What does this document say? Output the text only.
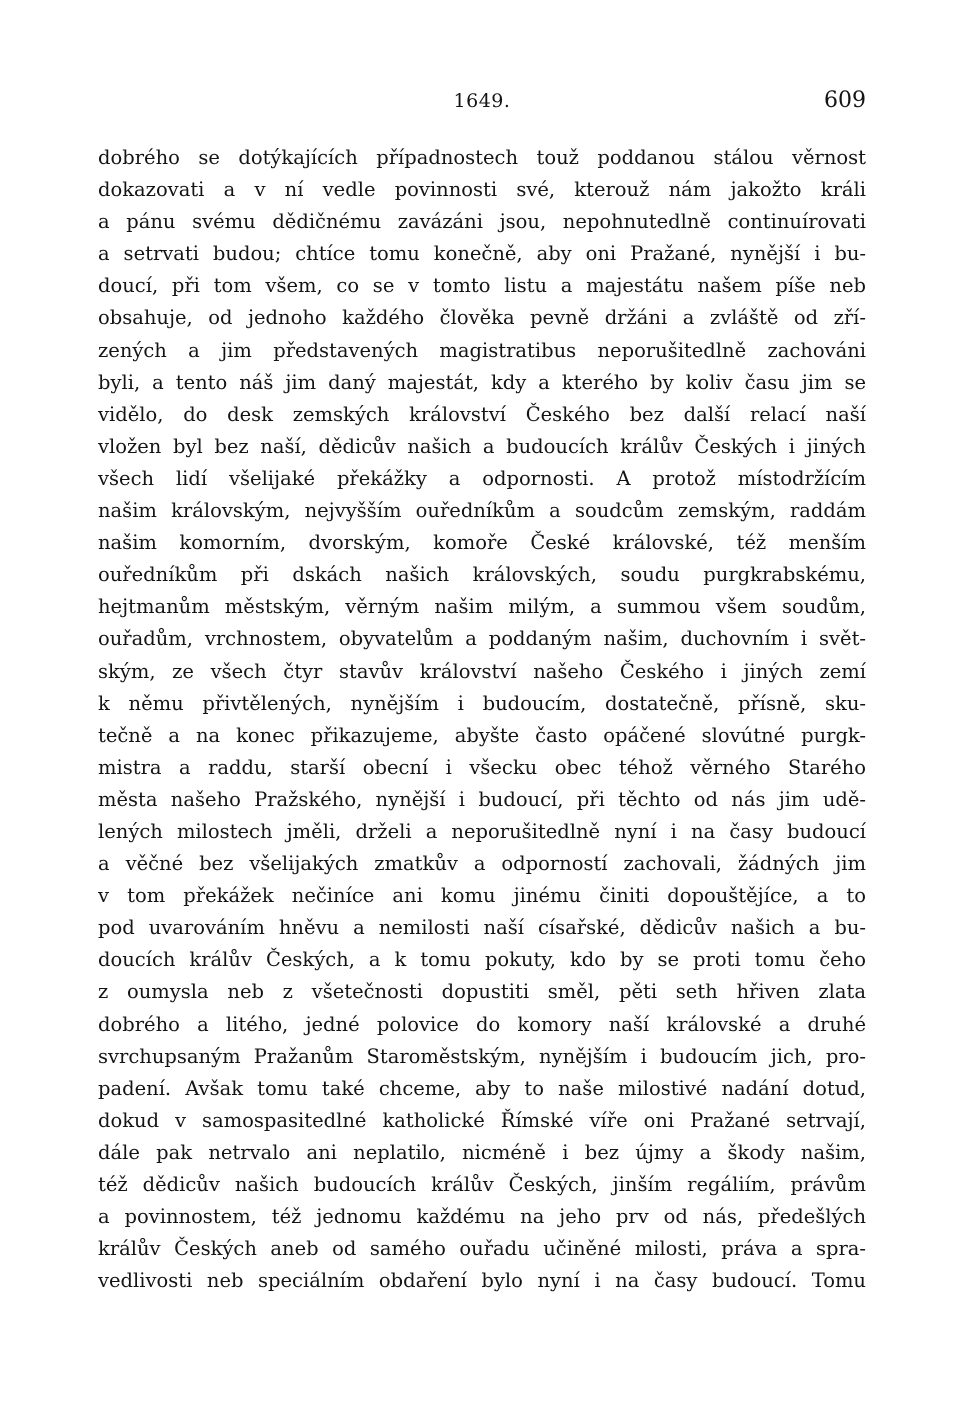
1649.	609
dobrého se dotýkajících případnostech touž poddanou stálou věrnost
dokazovati a v ní vedle povinnosti své, kterouž nám jakožto králi
a pánu svému dědičnému zavázáni jsou, nepohnutedlně continuírovati
a setrvati budou; chtíce tomu konečně, aby oni Pražané, nynější i bu-
doucí, při tom všem, co se v tomto listu a majestátu našem píše neb
obsahuje, od jednoho každého člověka pevně držáni a zvláště od zří-
zených a jim představených magistratibus neporušitedlně zachováni
byli, a tento náš jim daný majestát, kdy a kterého by koliv času jim se
vidělo, do desk zemských království Českého bez další relací naší
vložen byl bez naší, dědicův našich a budoucích králův Českých i jiných
všech lidí všelijaké překážky a odpornosti. A protož místodržícím
našim královským, nejvyšším ouředníkům a soudcům zemským, raddám
našim komorním, dvorským, komoře České královské, též menším
ouředníkům při dskách našich královských, soudu purgkrabskému,
hejtmanům městským, věrným našim milým, a summou všem soudům,
ouřadům, vrchnostem, obyvatelům a poddaným našim, duchovním i svět-
ským, ze všech čtyr stavův království našeho Českého i jiných zemí
k němu přivtělených, nynějším i budoucím, dostatečně, přísně, sku-
tečně a na konec přikazujeme, abyšte často opáčené slovútné purgk-
mistra a raddu, starší obecní i všecku obec téhož věrného Starého
města našeho Pražského, nynější i budoucí, při těchto od nás jim udě-
lených milostech jměli, drželi a neporušitedlně nyní i na časy budoucí
a věčné bez všelijakých zmatkův a odporností zachovali, žádných jim
v tom překážek nečiníce ani komu jinému činiti dopouštějíce, a to
pod uvarováním hněvu a nemilosti naší císařské, dědicův našich a bu-
doucích králův Českých, a k tomu pokuty, kdo by se proti tomu čeho
z oumysla neb z všetečnosti dopustiti směl, pěti seth hřiven zlata
dobrého a litého, jedné polovice do komory naší královské a druhé
svrchupsaným Pražanům Staroměstským, nynějším i budoucím jich, pro-
padení. Avšak tomu také chceme, aby to naše milostivé nadání dotud,
dokud v samospasitedlné katholické Římské víře oni Pražané setrvají,
dále pak netrvalo ani neplatilo, nicméně i bez újmy a škody našim,
též dědicův našich budoucích králův Českých, jinším regáliím, právům
a povinnostem, též jednomu každému na jeho prv od nás, předešlých
králův Českých aneb od samého ouřadu učiněné milosti, práva a spra-
vedlivosti neb speciálním obdaření bylo nyní i na časy budoucí. Tomu
